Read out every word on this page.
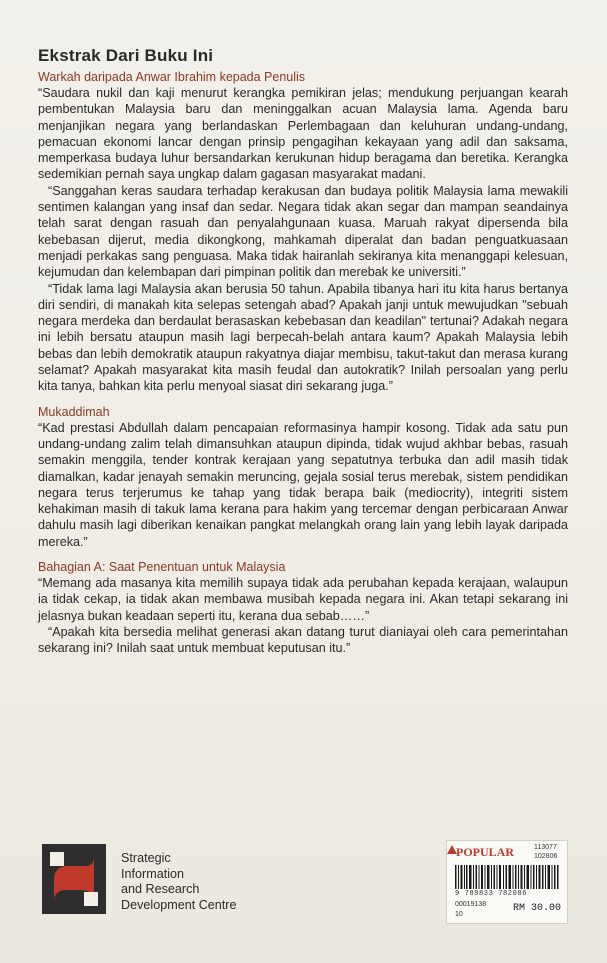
Ekstrak Dari Buku Ini

Warkah daripada Anwar Ibrahim kepada Penulis

“Saudara nukil dan kaji menurut kerangka pemikiran jelas; mendukung perjuangan kearah pembentukan Malaysia baru dan meninggalkan acuan Malaysia lama. Agenda baru menjanjikan negara yang berlandaskan Perlembagaan dan keluhuran undang-undang, pemacuan ekonomi lancar dengan prinsip pengagihan kekayaan yang adil dan saksama, memperkasa budaya luhur bersandarkan kerukunan hidup beragama dan beretika. Kerangka sedemikian pernah saya ungkap dalam gagasan masyarakat madani.

“Sanggahan keras saudara terhadap kerakusan dan budaya politik Malaysia lama mewakili sentimen kalangan yang insaf dan sedar. Negara tidak akan segar dan mampan seandainya telah sarat dengan rasuah dan penyalahgunaan kuasa. Maruah rakyat dipersenda bila kebebasan dijerut, media dikongkong, mahkamah diperalat dan badan penguatkuasaan menjadi perkakas sang penguasa. Maka tidak hairanlah sekiranya kita menanggapi kelesuan, kejumudan dan kelembapan dari pimpinan politik dan merebak ke universiti.”

“Tidak lama lagi Malaysia akan berusia 50 tahun. Apabila tibanya hari itu kita harus bertanya diri sendiri, di manakah kita selepas setengah abad? Apakah janji untuk mewujudkan "sebuah negara merdeka dan berdaulat berasaskan kebebasan dan keadilan" tertunai? Adakah negara ini lebih bersatu ataupun masih lagi berpecah-belah antara kaum? Apakah Malaysia lebih bebas dan lebih demokratik ataupun rakyatnya diajar membisu, takut-takut dan merasa kurang selamat? Apakah masyarakat kita masih feudal dan autokratik? Inilah persoalan yang perlu kita tanya, bahkan kita perlu menyoal siasat diri sekarang juga.”

Mukaddimah

“Kad prestasi Abdullah dalam pencapaian reformasinya hampir kosong. Tidak ada satu pun undang-undang zalim telah dimansuhkan ataupun dipinda, tidak wujud akhbar bebas, rasuah semakin menggila, tender kontrak kerajaan yang sepatutnya terbuka dan adil masih tidak diamalkan, kadar jenayah semakin meruncing, gejala sosial terus merebak, sistem pendidikan negara terus terjerumus ke tahap yang tidak berapa baik (mediocrity), integriti sistem kehakiman masih di takuk lama kerana para hakim yang tercemar dengan perbicaraan Anwar dahulu masih lagi diberikan kenaikan pangkat melangkah orang lain yang lebih layak daripada mereka.”

Bahagian A: Saat Penentuan untuk Malaysia

“Memang ada masanya kita memilih supaya tidak ada perubahan kepada kerajaan, walaupun ia tidak cekap, ia tidak akan membawa musibah kepada negara ini. Akan tetapi sekarang ini jelasnya bukan keadaan seperti itu, kerana dua sebab……”

“Apakah kita bersedia melihat generasi akan datang turut dianiayai oleh cara pemerintahan sekarang ini? Inilah saat untuk membuat keputusan itu.”

Strategic
Information
and Research
Development Centre
POPULAR	113077
102806
9 789833 782086
00019138
10
RM 30.00
